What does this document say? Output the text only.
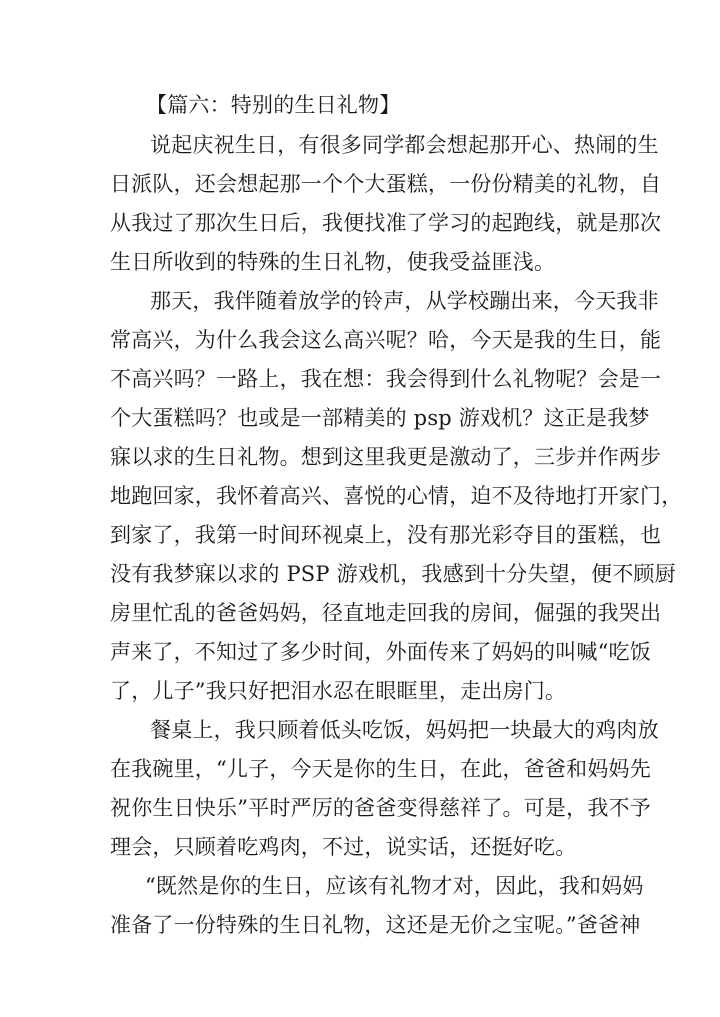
【篇六：特别的生日礼物】
说起庆祝生日，有很多同学都会想起那开心、热闹的生
日派队，还会想起那一个个大蛋糕，一份份精美的礼物，自
从我过了那次生日后，我便找准了学习的起跑线，就是那次
生日所收到的特殊的生日礼物，使我受益匪浅。
那天，我伴随着放学的铃声，从学校蹦出来，今天我非
常高兴，为什么我会这么高兴呢？哈，今天是我的生日，能
不高兴吗？一路上，我在想：我会得到什么礼物呢？会是一
个大蛋糕吗？也或是一部精美的 psp 游戏机？这正是我梦
寐以求的生日礼物。想到这里我更是激动了，三步并作两步
地跑回家，我怀着高兴、喜悦的心情，迫不及待地打开家门，
到家了，我第一时间环视桌上，没有那光彩夺目的蛋糕，也
没有我梦寐以求的 PSP 游戏机，我感到十分失望，便不顾厨
房里忙乱的爸爸妈妈，径直地走回我的房间，倔强的我哭出
声来了，不知过了多少时间，外面传来了妈妈的叫喊“吃饭
了，儿子”我只好把泪水忍在眼眶里，走出房门。
餐桌上，我只顾着低头吃饭，妈妈把一块最大的鸡肉放
在我碗里，“儿子，今天是你的生日，在此，爸爸和妈妈先
祝你生日快乐”平时严厉的爸爸变得慈祥了。可是，我不予
理会，只顾着吃鸡肉，不过，说实话，还挺好吃。
“既然是你的生日，应该有礼物才对，因此，我和妈妈
准备了一份特殊的生日礼物，这还是无价之宝呢。”爸爸神
